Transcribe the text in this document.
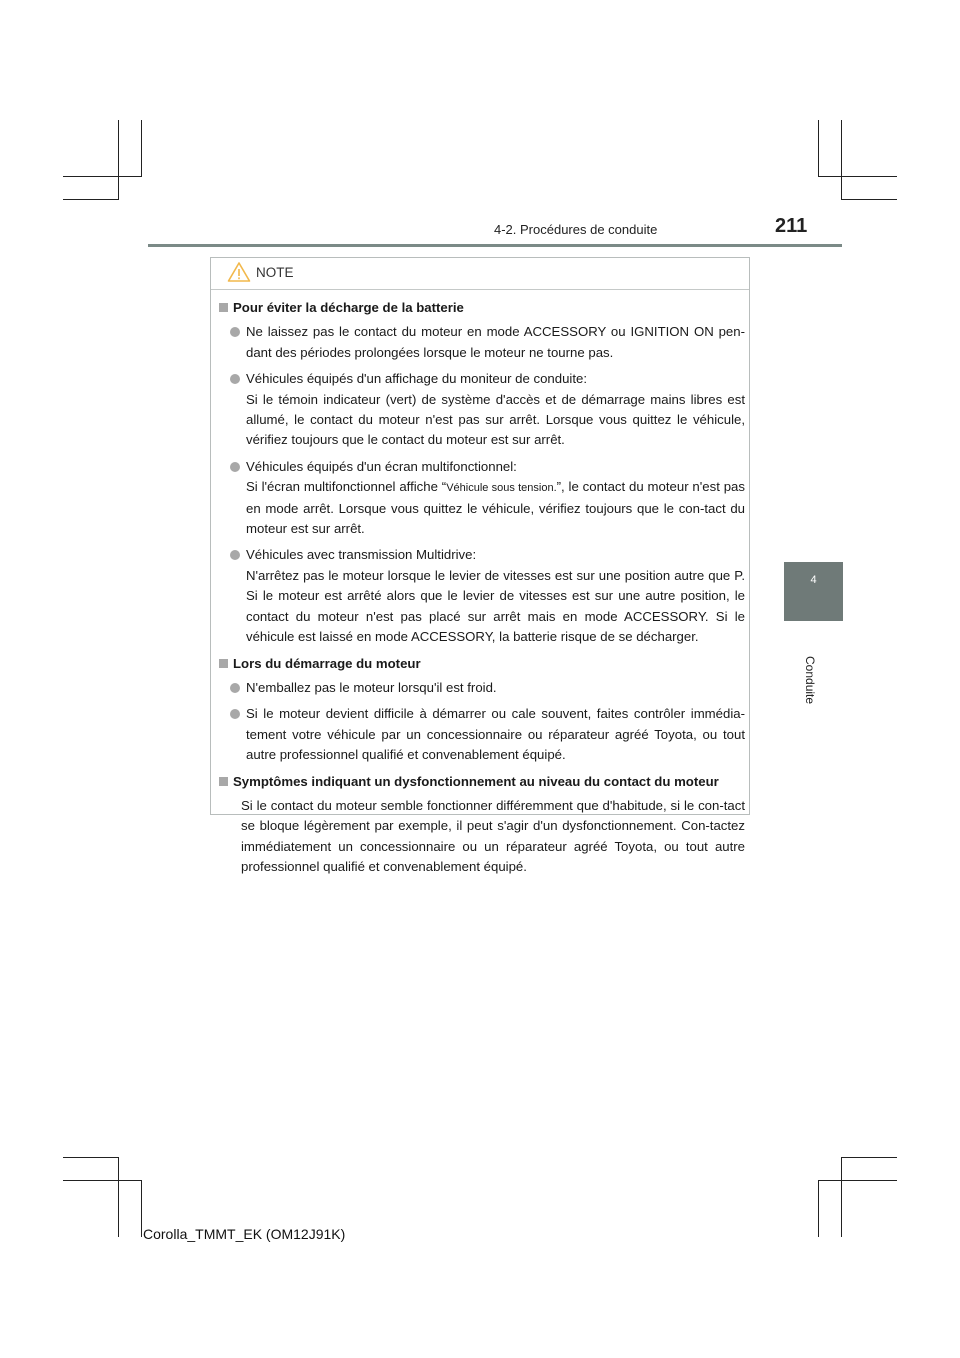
4-2. Procédures de conduite	211
4
Conduite
NOTE
Pour éviter la décharge de la batterie
Ne laissez pas le contact du moteur en mode ACCESSORY ou IGNITION ON pen-dant des périodes prolongées lorsque le moteur ne tourne pas.
Véhicules équipés d'un affichage du moniteur de conduite:
Si le témoin indicateur (vert) de système d'accès et de démarrage mains libres est allumé, le contact du moteur n'est pas sur arrêt. Lorsque vous quittez le véhicule, vérifiez toujours que le contact du moteur est sur arrêt.
Véhicules équipés d'un écran multifonctionnel:
Si l'écran multifonctionnel affiche “Véhicule sous tension.”, le contact du moteur n'est pas en mode arrêt. Lorsque vous quittez le véhicule, vérifiez toujours que le con-tact du moteur est sur arrêt.
Véhicules avec transmission Multidrive:
N'arrêtez pas le moteur lorsque le levier de vitesses est sur une position autre que P. Si le moteur est arrêté alors que le levier de vitesses est sur une autre position, le contact du moteur n'est pas placé sur arrêt mais en mode ACCESSORY. Si le véhicule est laissé en mode ACCESSORY, la batterie risque de se décharger.
Lors du démarrage du moteur
N'emballez pas le moteur lorsqu'il est froid.
Si le moteur devient difficile à démarrer ou cale souvent, faites contrôler immédia-tement votre véhicule par un concessionnaire ou réparateur agréé Toyota, ou tout autre professionnel qualifié et convenablement équipé.
Symptômes indiquant un dysfonctionnement au niveau du contact du moteur
Si le contact du moteur semble fonctionner différemment que d'habitude, si le con-tact se bloque légèrement par exemple, il peut s'agir d'un dysfonctionnement. Con-tactez immédiatement un concessionnaire ou un réparateur agréé Toyota, ou tout autre professionnel qualifié et convenablement équipé.
Corolla_TMMT_EK (OM12J91K)
